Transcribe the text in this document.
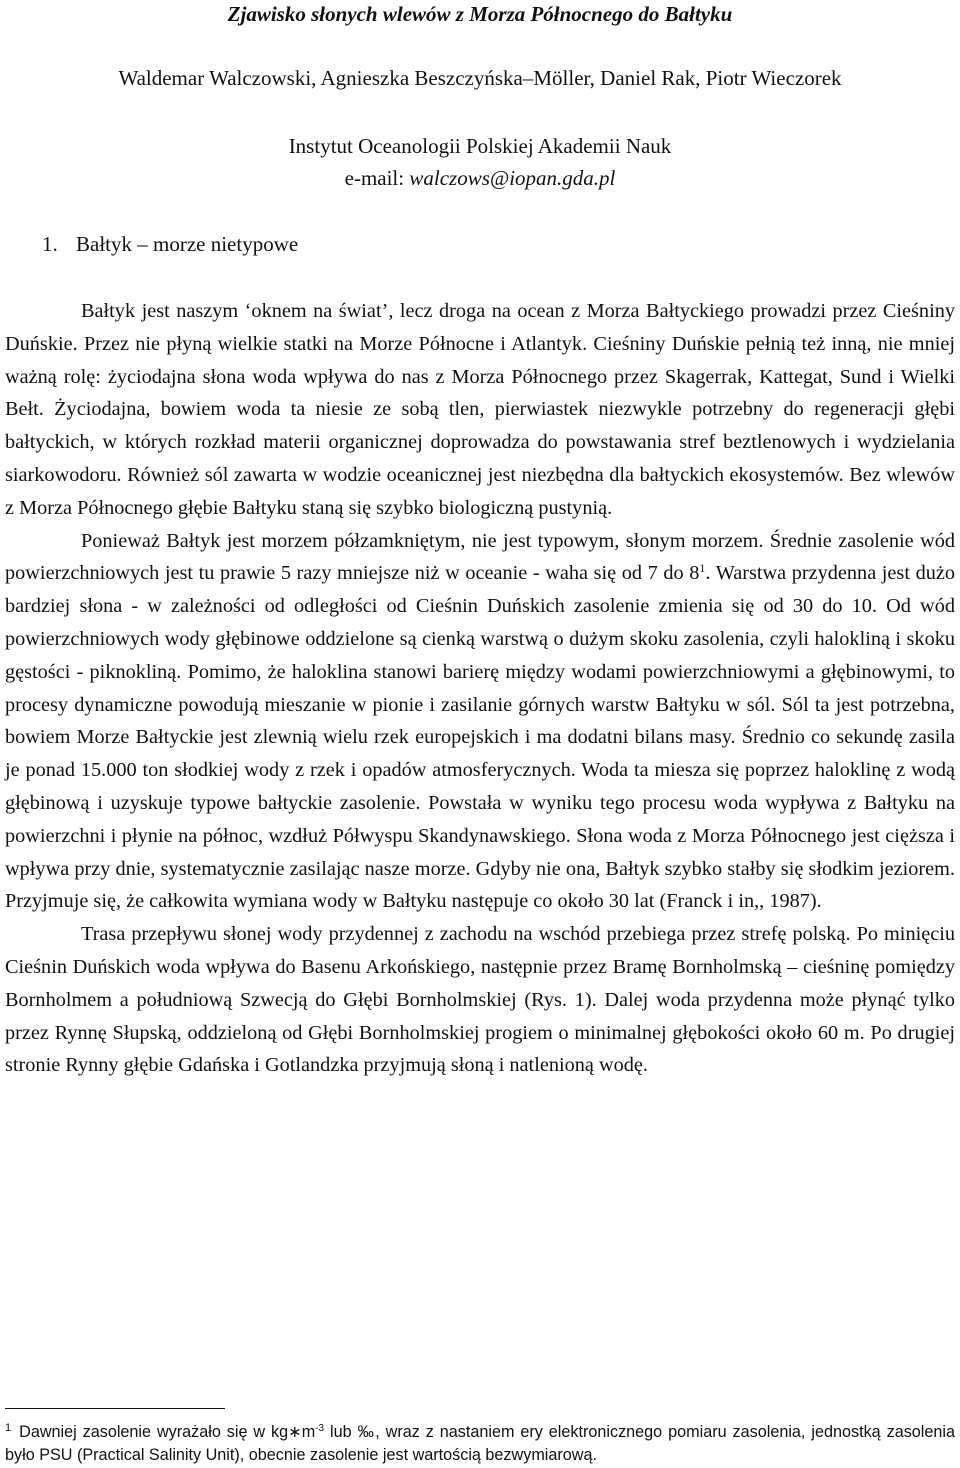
Zjawisko słonych wlewów z Morza Północnego do Bałtyku
Waldemar Walczowski, Agnieszka Beszczyńska–Möller, Daniel Rak, Piotr Wieczorek
Instytut Oceanologii Polskiej Akademii Nauk
e-mail: walczows@iopan.gda.pl
1. Bałtyk – morze nietypowe

Bałtyk jest naszym ‘oknem na świat’, lecz droga na ocean z Morza Bałtyckiego prowadzi przez Cieśniny Duńskie. Przez nie płyną wielkie statki na Morze Północne i Atlantyk. Cieśniny Duńskie pełnią też inną, nie mniej ważną rolę: życiodajna słona woda wpływa do nas z Morza Północnego przez Skagerrak, Kattegat, Sund i Wielki Bełt. Życiodajna, bowiem woda ta niesie ze sobą tlen, pierwiastek niezwykle potrzebny do regeneracji głębi bałtyckich, w których rozkład materii organicznej doprowadza do powstawania stref beztlenowych i wydzielania siarkowodoru. Również sól zawarta w wodzie oceanicznej jest niezbędna dla bałtyckich ekosystemów. Bez wlewów z Morza Północnego głębie Bałtyku staną się szybko biologiczną pustynią.

Ponieważ Bałtyk jest morzem półzamkniętym, nie jest typowym, słonym morzem. Średnie zasolenie wód powierzchniowych jest tu prawie 5 razy mniejsze niż w oceanie - waha się od 7 do $8^1$. Warstwa przydenna jest dużo bardziej słona - w zależności od odległości od Cieśnin Duńskich zasolenie zmienia się od 30 do 10. Od wód powierzchniowych wody głębinowe oddzielone są cienką warstwą o dużym skoku zasolenia, czyli halokliną i skoku gęstości - piknokliną. Pomimo, że haloklina stanowi barierę między wodami powierzchniowymi a głębinowymi, to procesy dynamiczne powodują mieszanie w pionie i zasilanie górnych warstw Bałtyku w sól. Sól ta jest potrzebna, bowiem Morze Bałtyckie jest zlewnią wielu rzek europejskich i ma dodatni bilans masy. Średnio co sekundę zasila je ponad 15.000 ton słodkiej wody z rzek i opadów atmosferycznych. Woda ta miesza się poprzez haloklinę z wodą głębinową i uzyskuje typowe bałtyckie zasolenie. Powstała w wyniku tego procesu woda wypływa z Bałtyku na powierzchni i płynie na północ, wzdłuż Półwyspu Skandynawskiego. Słona woda z Morza Północnego jest cięższa i wpływa przy dnie, systematycznie zasilając nasze morze. Gdyby nie ona, Bałtyk szybko stałby się słodkim jeziorem. Przyjmuje się, że całkowita wymiana wody w Bałtyku następuje co około 30 lat (Franck i in,, 1987).

Trasa przepływu słonej wody przydennej z zachodu na wschód przebiega przez strefę polską. Po minięciu Cieśnin Duńskich woda wpływa do Basenu Arkońskiego, następnie przez Bramę Bornholmską – cieśninę pomiędzy Bornholmem a południową Szwecją do Głębi Bornholmskiej (Rys. 1). Dalej woda przydenna może płynąć tylko przez Rynnę Słupską, oddzieloną od Głębi Bornholmskiej progiem o minimalnej głębokości około 60 m. Po drugiej stronie Rynny głębie Gdańska i Gotlandzka przyjmują słoną i natlenioną wodę.

$^1$ Dawniej zasolenie wyrażało się w $kg∗m^{-3}$ lub ‰, wraz z nastaniem ery elektronicznego pomiaru zasolenia, jednostką zasolenia było PSU (Practical Salinity Unit), obecnie zasolenie jest wartością bezwymiarową.
